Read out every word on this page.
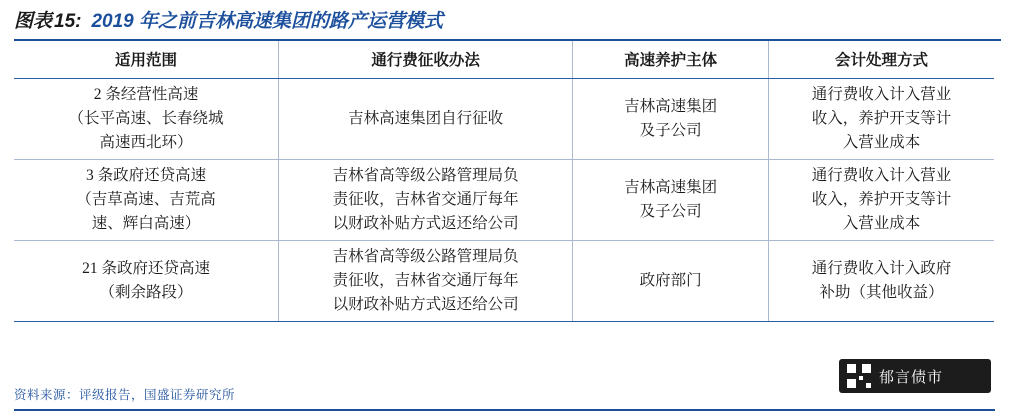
图表 15: 2019 年之前吉林高速集团的路产运营模式
适用范围	通行费征收办法	高速养护主体	会计处理方式

2 条经营性高速
（长平高速、长春绕城
高速西北环）	吉林高速集团自行征收	吉林高速集团
及子公司	通行费收入计入营业
收入，养护开支等计
入营业成本

3 条政府还贷高速
（吉草高速、吉荒高
速、辉白高速）	吉林省高等级公路管理局负
责征收，吉林省交通厅每年
以财政补贴方式返还给公司	吉林高速集团
及子公司	通行费收入计入营业
收入，养护开支等计
入营业成本

21 条政府还贷高速
（剩余路段）	吉林省高等级公路管理局负
责征收，吉林省交通厅每年
以财政补贴方式返还给公司	政府部门	通行费收入计入政府
补助（其他收益）
资料来源：评级报告，国盛证券研究所
郁言债市
